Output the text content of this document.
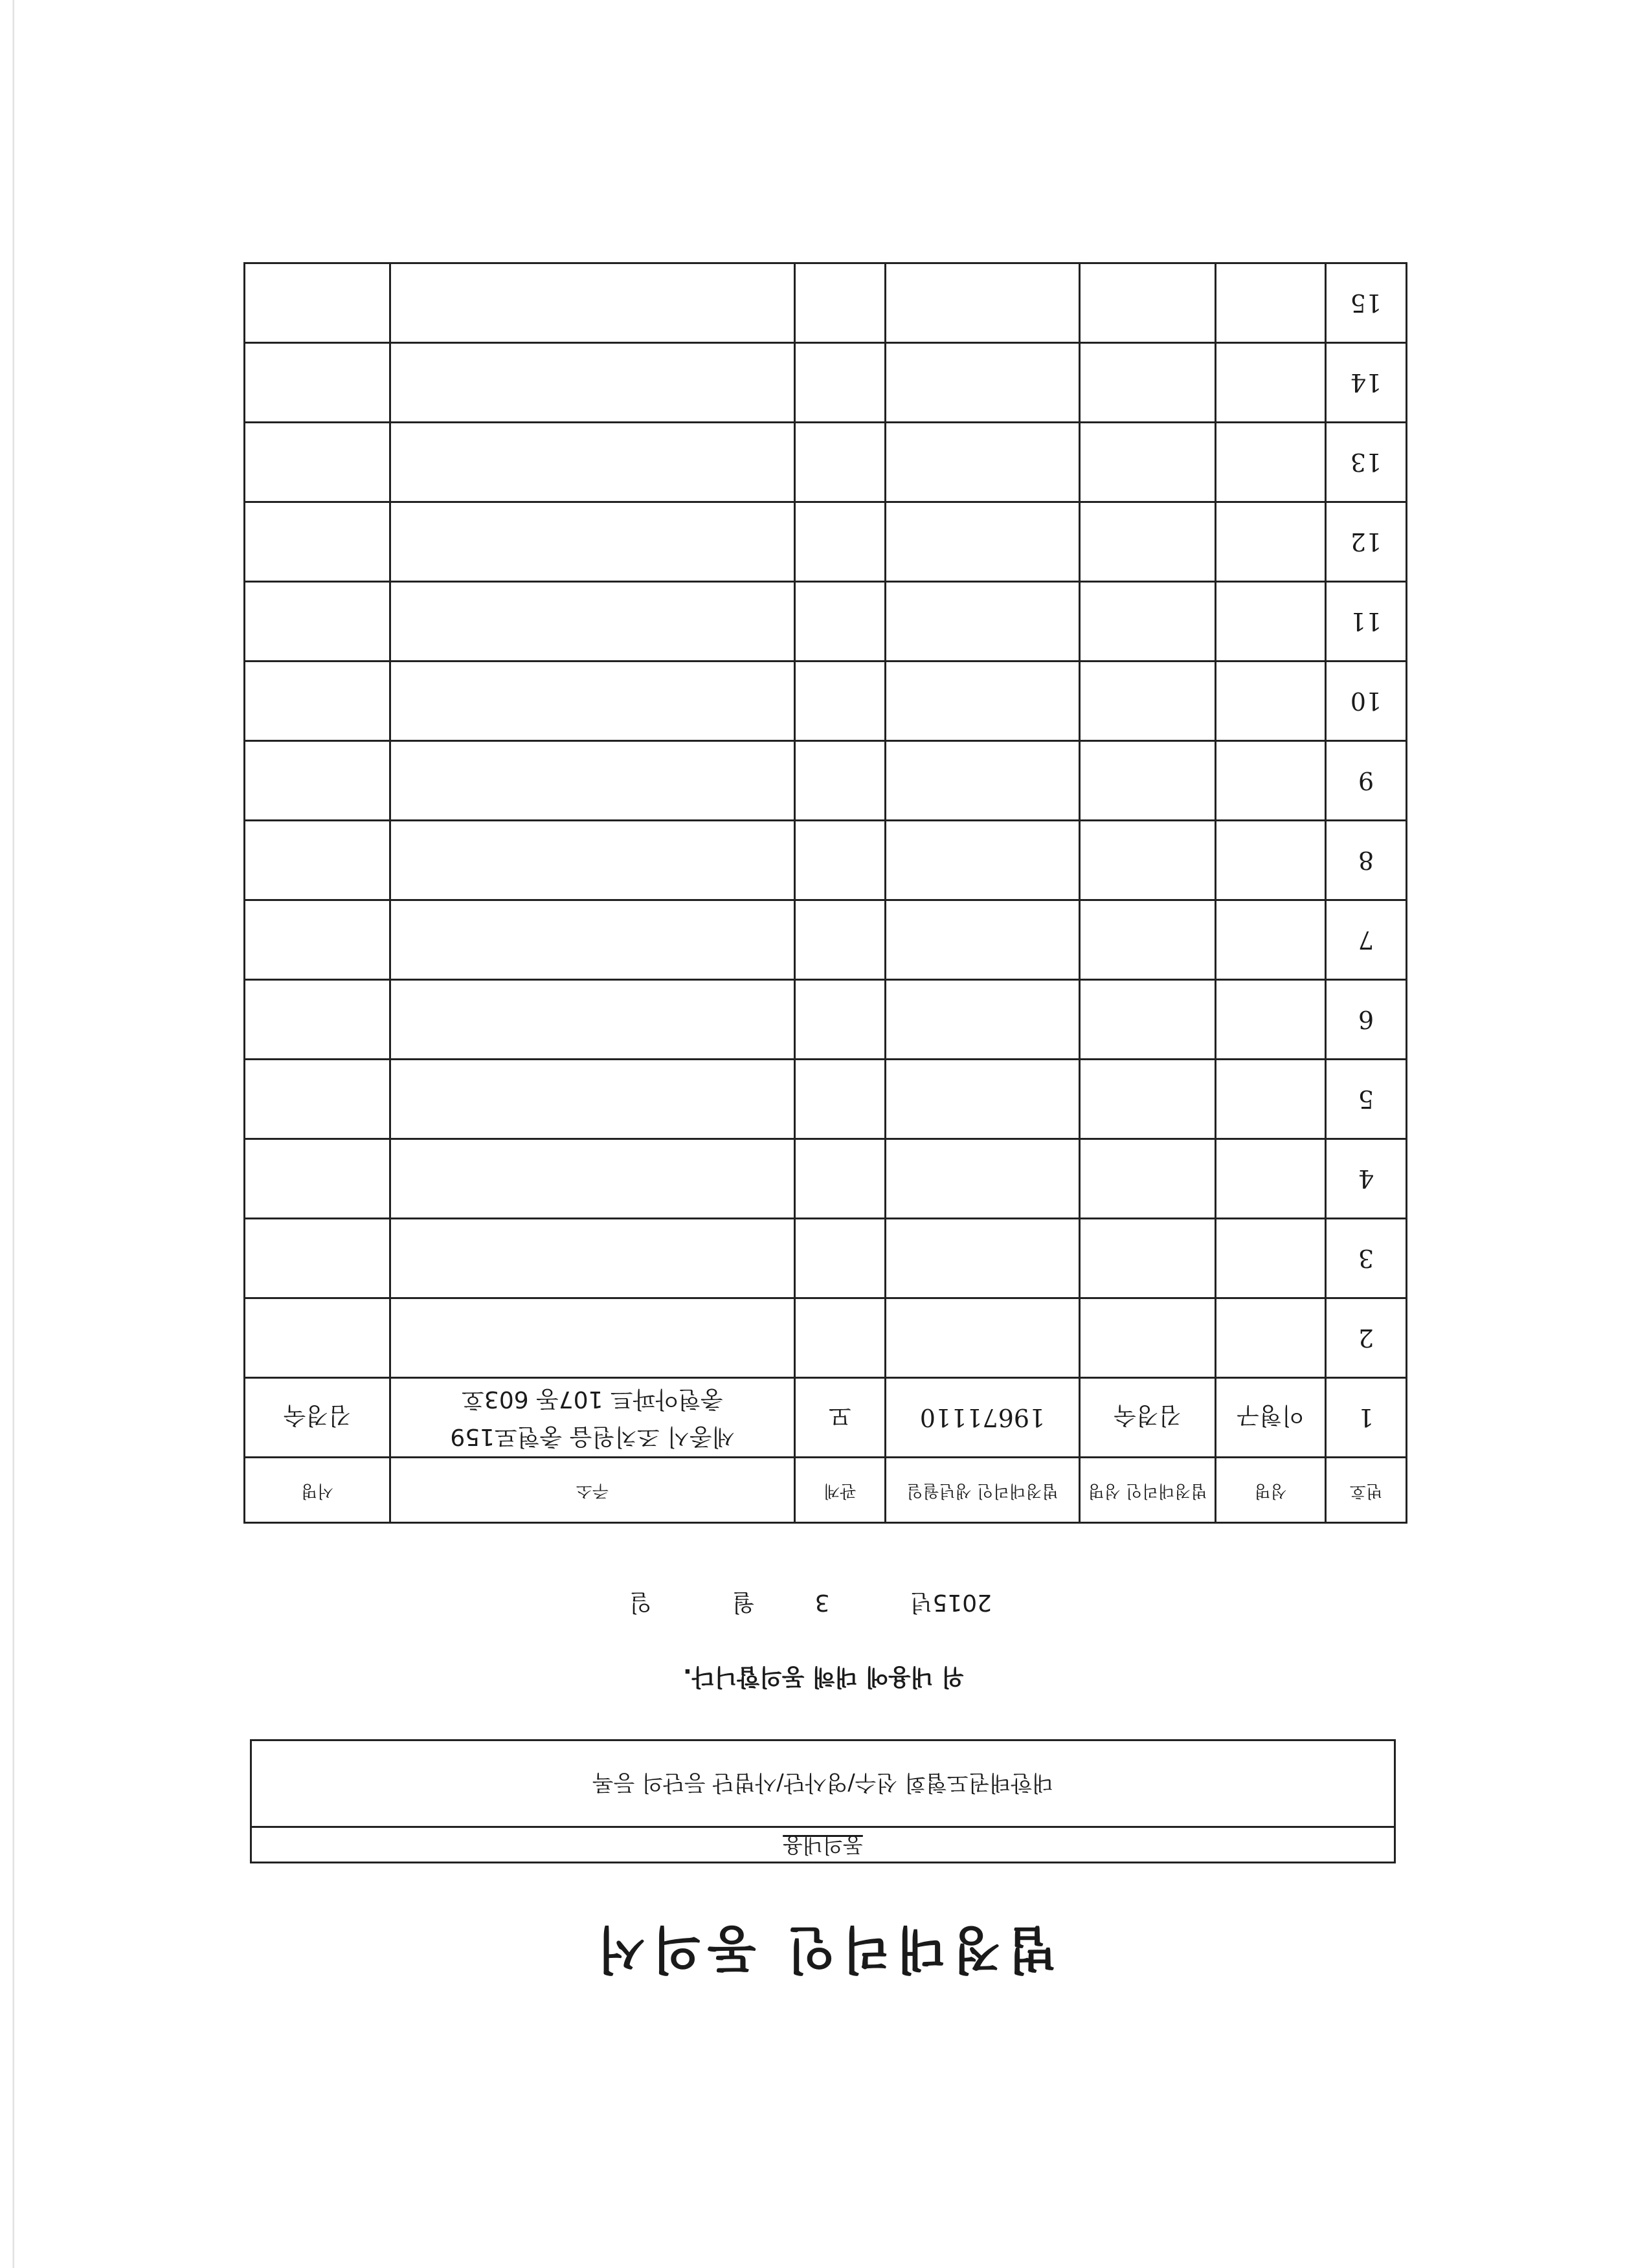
법정대리인 동의서
동의내용
대한태권도협회 선수/영사단/사범단 등단의 등록
위 내용에 대해 동의합니다.
2015년
3  월
일
번호	성명	법정대리인 성명	법정대리인 생년월일	관계	주소	서명
1	이형구	김경숙	19671110	모	세종시 조치원읍 충현로159
충현아파트 107동 603호	김경숙
2						
3						
4						
5						
6						
7						
8						
9						
10						
11						
12						
13						
14						
15						
